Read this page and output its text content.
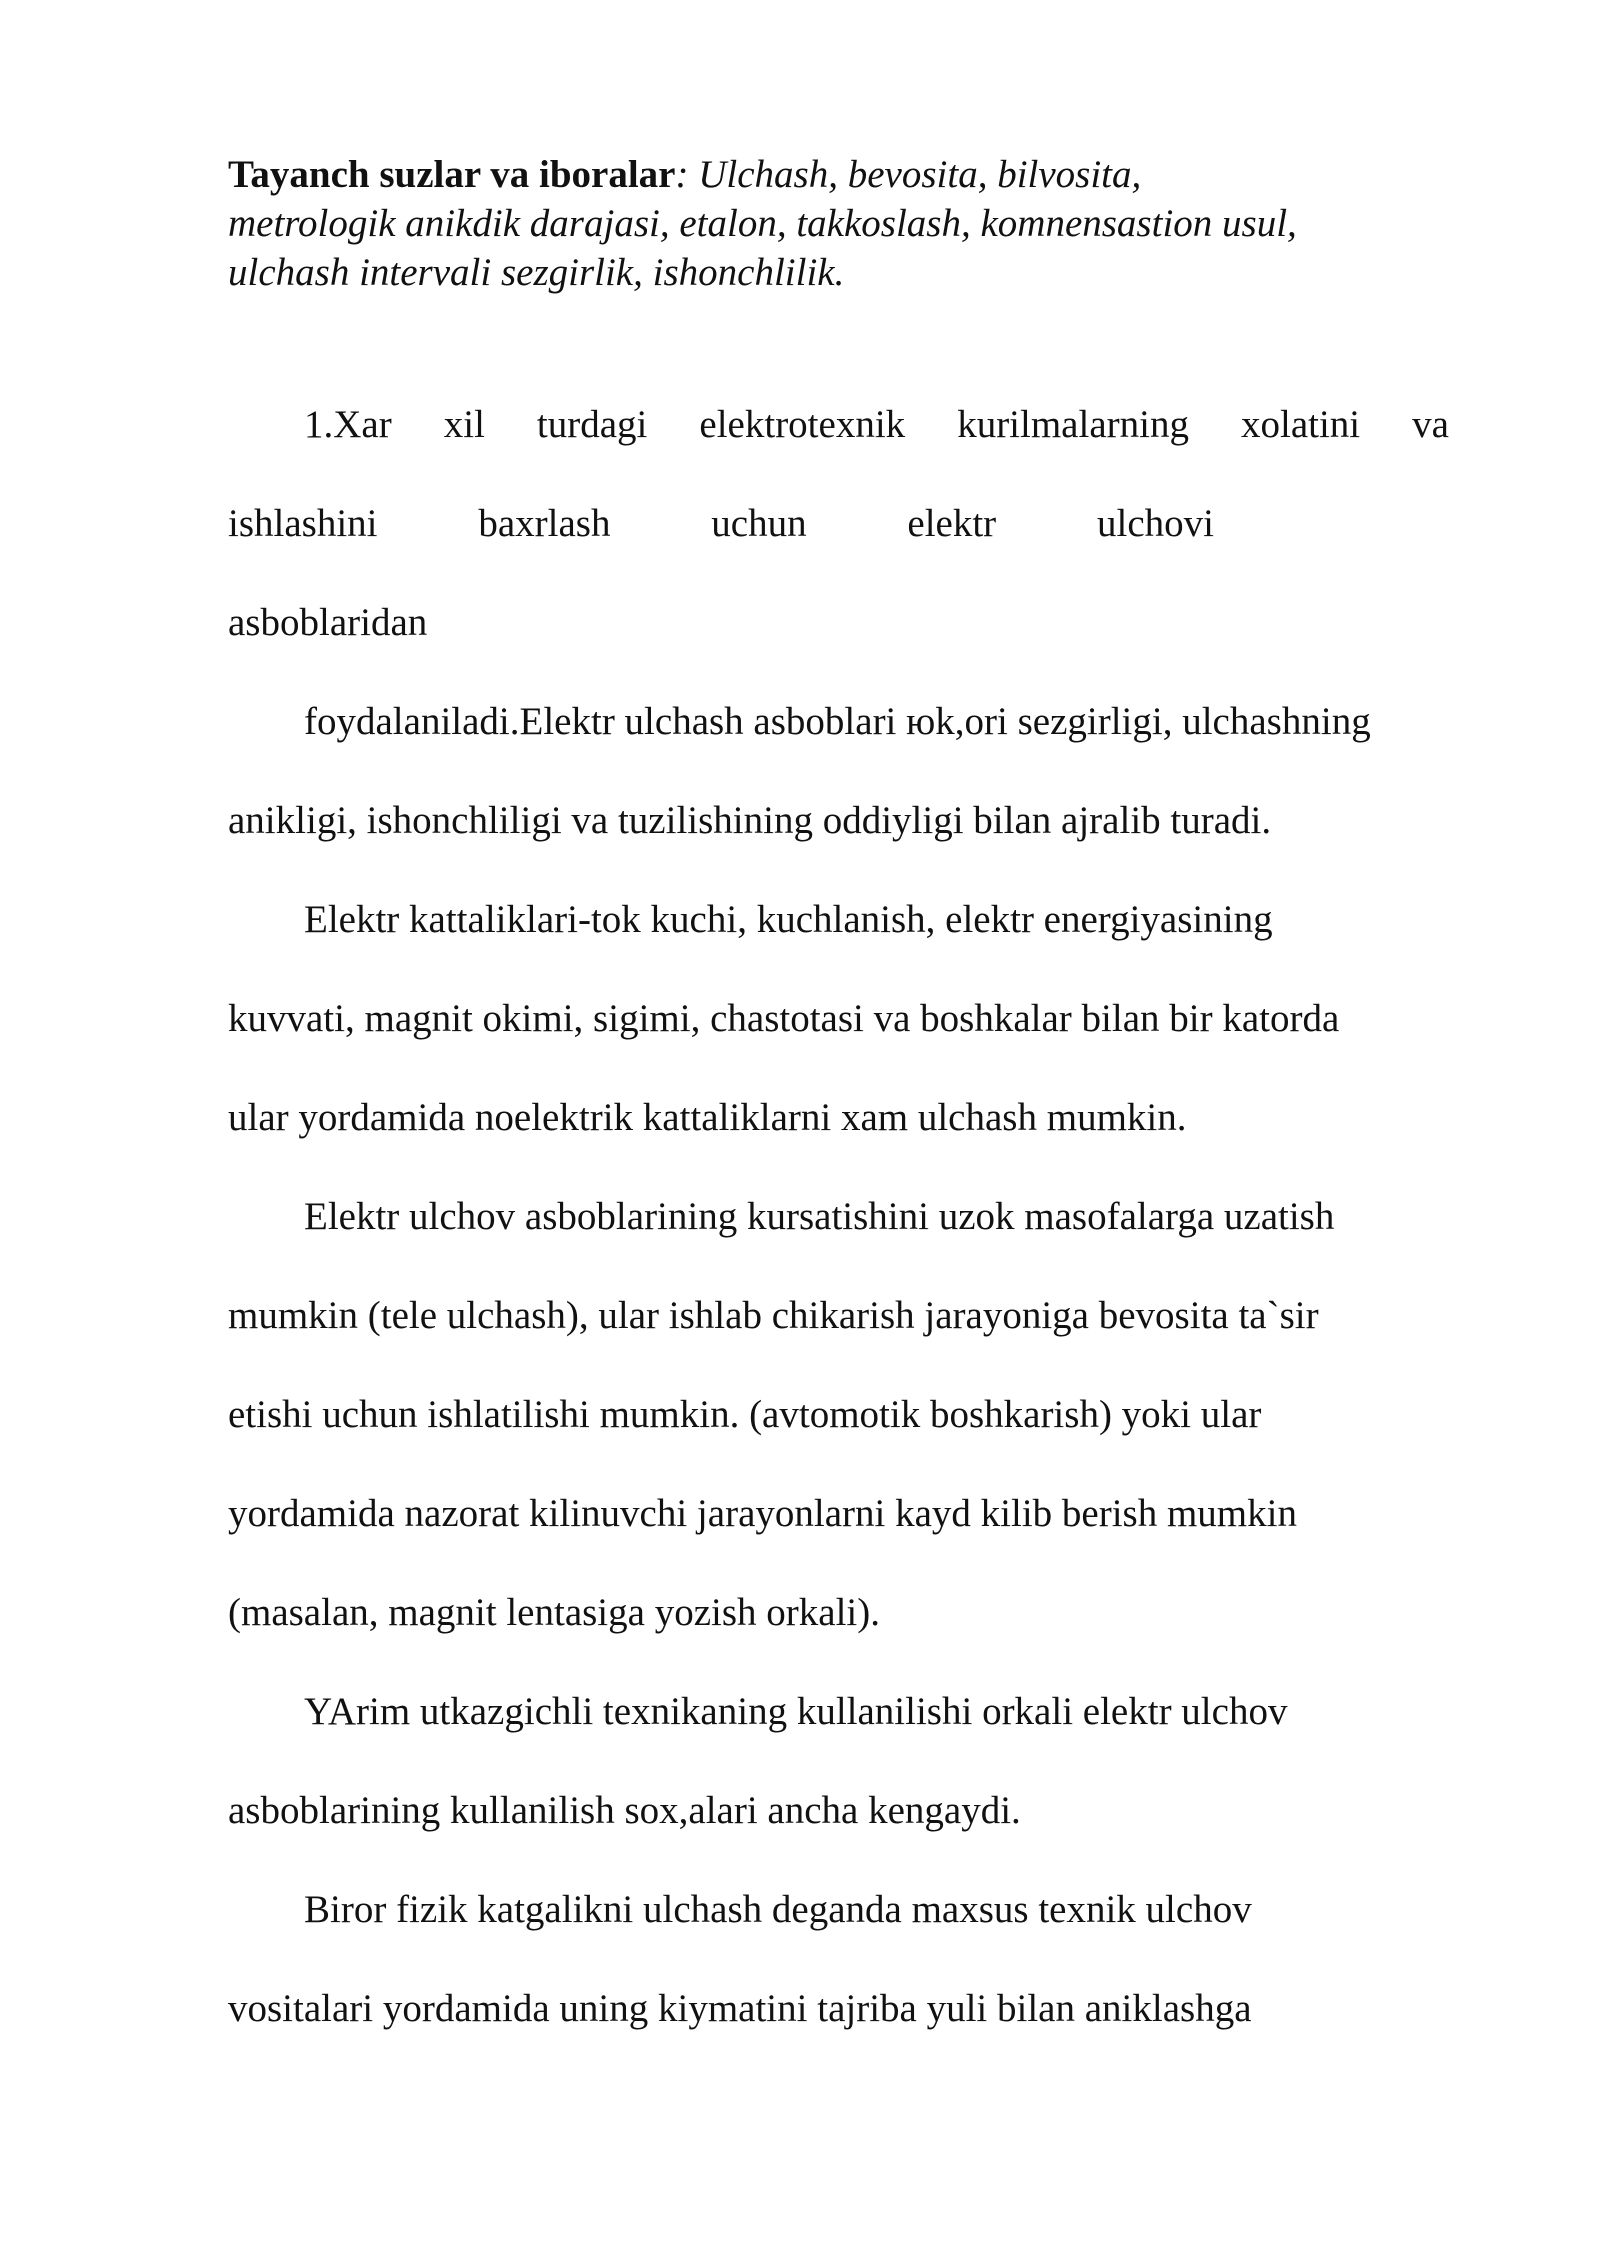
Tayanch suzlar va iboralar: Ulchash, bevosita, bilvosita,
metrologik anikdik darajasi, etalon, takkoslash, komnensastion usul,
ulchash intervali sezgirlik, ishonchlilik.
1.Xar xil turdagi elektrotexnik kurilmalarning xolatini va
ishlashini	baxrlash	uchun	elektr	ulchovi

asboblaridan

foydalaniladi.Elektr ulchash asboblari юk,ori sezgirligi, ulchashning

anikligi, ishonchliligi va tuzilishining oddiyligi bilan ajralib turadi.

Elektr kattaliklari-tok kuchi, kuchlanish, elektr energiyasining

kuvvati, magnit okimi, sigimi, chastotasi va boshkalar bilan bir katorda

ular yordamida noelektrik kattaliklarni xam ulchash mumkin.

Elektr ulchov asboblarining kursatishini uzok masofalarga uzatish

mumkin (tele ulchash), ular ishlab chikarish jarayoniga bevosita ta`sir

etishi uchun ishlatilishi mumkin. (avtomotik boshkarish) yoki ular

yordamida nazorat kilinuvchi jarayonlarni kayd kilib berish mumkin

(masalan, magnit lentasiga yozish orkali).

YArim utkazgichli texnikaning kullanilishi orkali elektr ulchov

asboblarining kullanilish sox,alari ancha kengaydi.

Biror fizik katgalikni ulchash deganda maxsus texnik ulchov

vositalari yordamida uning kiymatini tajriba yuli bilan aniklashga
